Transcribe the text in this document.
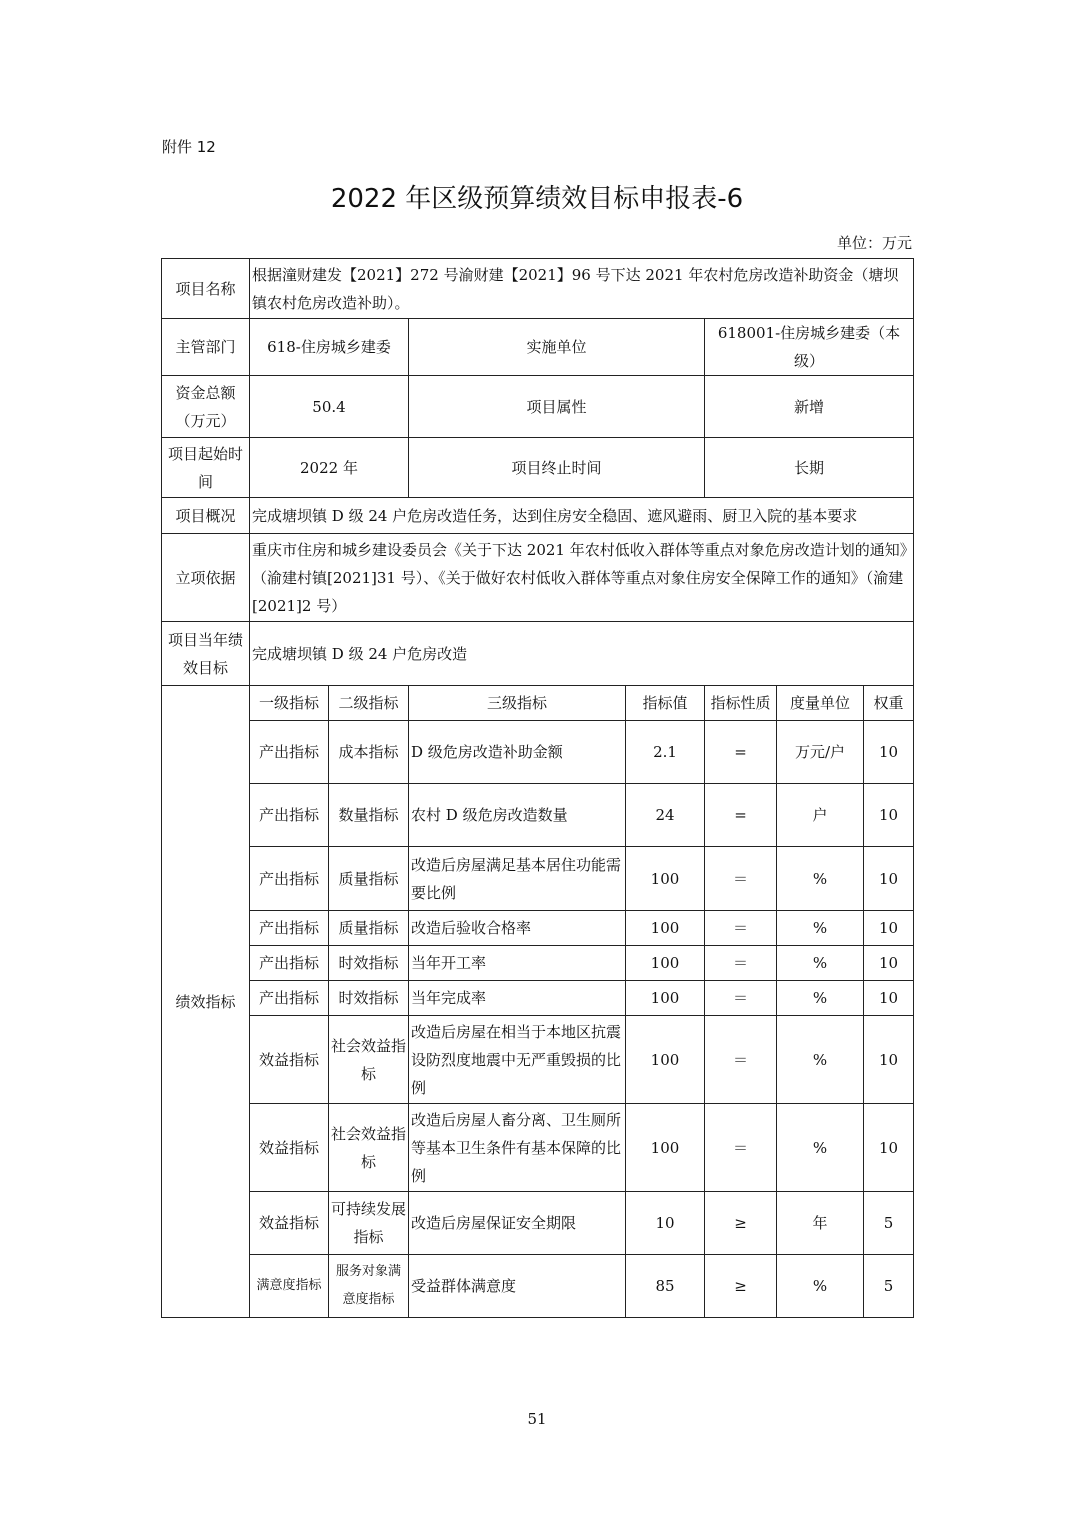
附件 12
2022 年区级预算绩效目标申报表-6
单位：万元
项目名称	根据潼财建发【2021】272 号渝财建【2021】96 号下达 2021 年农村危房改造补助资金（塘坝镇农村危房改造补助）。						
主管部门	618-住房城乡建委		实施单位		618001-住房城乡建委（本级）		
资金总额（万元）	50.4		项目属性		新增		
项目起始时间	2022 年		项目终止时间		长期		
项目概况	完成塘坝镇 D 级 24 户危房改造任务，达到住房安全稳固、遮风避雨、厨卫入院的基本要求						
立项依据	重庆市住房和城乡建设委员会《关于下达 2021 年农村低收入群体等重点对象危房改造计划的通知》（渝建村镇[2021]31 号）、《关于做好农村低收入群体等重点对象住房安全保障工作的通知》（渝建[2021]2 号）						
项目当年绩效目标	完成塘坝镇 D 级 24 户危房改造						
绩效指标	一级指标	二级指标	三级指标	指标值	指标性质	度量单位	权重
	产出指标	成本指标	D 级危房改造补助金额	2.1	=	万元/户	10
	产出指标	数量指标	农村 D 级危房改造数量	24	=	户	10
	产出指标	质量指标	改造后房屋满足基本居住功能需要比例	100	＝	%	10
	产出指标	质量指标	改造后验收合格率	100	＝	%	10
	产出指标	时效指标	当年开工率	100	＝	%	10
	产出指标	时效指标	当年完成率	100	＝	%	10
	效益指标	社会效益指标	改造后房屋在相当于本地区抗震设防烈度地震中无严重毁损的比例	100	＝	%	10
	效益指标	社会效益指标	改造后房屋人畜分离、卫生厕所等基本卫生条件有基本保障的比例	100	＝	%	10
	效益指标	可持续发展指标	改造后房屋保证安全期限	10	≥	年	5
	满意度指标	服务对象满意度指标	受益群体满意度	85	≥	%	5
51
